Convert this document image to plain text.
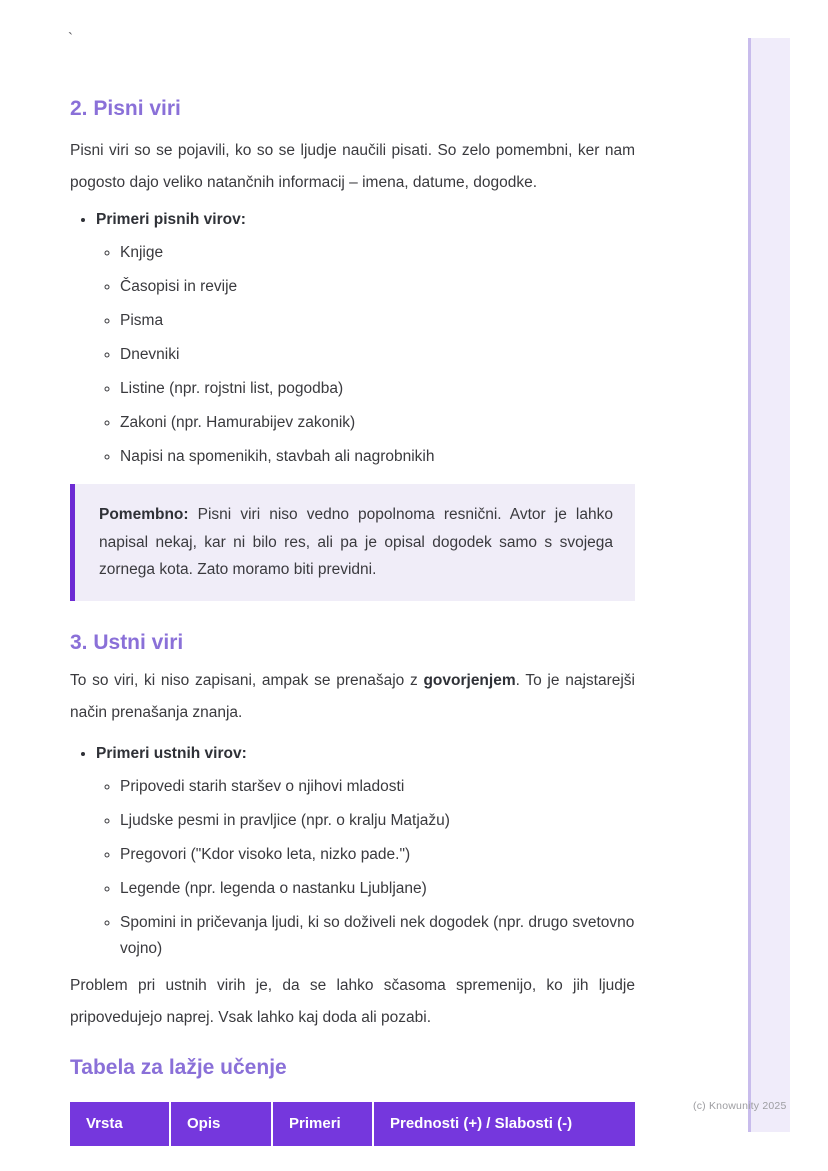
`
(c) Knowunity 2025
2. Pisni viri

Pisni viri so se pojavili, ko so se ljudje naučili pisati. So zelo pomembni, ker nam pogosto dajo veliko natančnih informacij – imena, datume, dogodke.

• Primeri pisnih virov:
◦ Knjige
◦ Časopisi in revije
◦ Pisma
◦ Dnevniki
◦ Listine (npr. rojstni list, pogodba)
◦ Zakoni (npr. Hamurabijev zakonik)
◦ Napisi na spomenikih, stavbah ali nagrobnikih
Pomembno: Pisni viri niso vedno popolnoma resnični. Avtor je lahko napisal nekaj, kar ni bilo res, ali pa je opisal dogodek samo s svojega zornega kota. Zato moramo biti previdni.
3. Ustni viri

To so viri, ki niso zapisani, ampak se prenašajo z govorjenjem. To je najstarejši način prenašanja znanja.

• Primeri ustnih virov:
◦ Pripovedi starih staršev o njihovi mladosti
◦ Ljudske pesmi in pravljice (npr. o kralju Matjažu)
◦ Pregovori ("Kdor visoko leta, nizko pade.")
◦ Legende (npr. legenda o nastanku Ljubljane)
◦ Spomini in pričevanja ljudi, ki so doživeli nek dogodek (npr. drugo svetovno vojno)

Problem pri ustnih virih je, da se lahko sčasoma spremenijo, ko jih ljudje pripovedujejo naprej. Vsak lahko kaj doda ali pozabi.

Tabela za lažje učenje
Vrsta	Opis	Primeri	Prednosti (+) / Slabosti (-)
